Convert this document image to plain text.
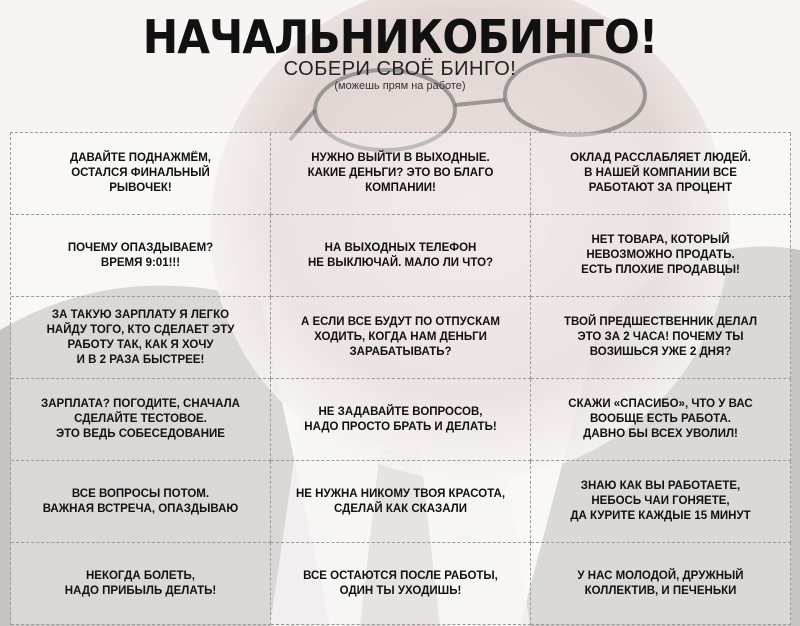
НАЧАЛЬНИКОБИНГО!
СОБЕРИ СВОЁ БИНГО!
(можешь прям на работе)
ДАВАЙТЕ ПОДНАЖМЁМ,
ОСТАЛСЯ ФИНАЛЬНЫЙ
РЫВОЧЕК!
НУЖНО ВЫЙТИ В ВЫХОДНЫЕ.
КАКИЕ ДЕНЬГИ? ЭТО ВО БЛАГО
КОМПАНИИ!
ОКЛАД РАССЛАБЛЯЕТ ЛЮДЕЙ.
В НАШЕЙ КОМПАНИИ ВСЕ
РАБОТАЮТ ЗА ПРОЦЕНТ
ПОЧЕМУ ОПАЗДЫВАЕМ?
ВРЕМЯ 9:01!!!
НА ВЫХОДНЫХ ТЕЛЕФОН
НЕ ВЫКЛЮЧАЙ. МАЛО ЛИ ЧТО?
НЕТ ТОВАРА, КОТОРЫЙ
НЕВОЗМОЖНО ПРОДАТЬ.
ЕСТЬ ПЛОХИЕ ПРОДАВЦЫ!
ЗА ТАКУЮ ЗАРПЛАТУ Я ЛЕГКО
НАЙДУ ТОГО, КТО СДЕЛАЕТ ЭТУ
РАБОТУ ТАК, КАК Я ХОЧУ
И В 2 РАЗА БЫСТРЕЕ!
А ЕСЛИ ВСЕ БУДУТ ПО ОТПУСКАМ
ХОДИТЬ, КОГДА НАМ ДЕНЬГИ
ЗАРАБАТЫВАТЬ?
ТВОЙ ПРЕДШЕСТВЕННИК ДЕЛАЛ
ЭТО ЗА 2 ЧАСА! ПОЧЕМУ ТЫ
ВОЗИШЬСЯ УЖЕ 2 ДНЯ?
ЗАРПЛАТА? ПОГОДИТЕ, СНАЧАЛА
СДЕЛАЙТЕ ТЕСТОВОЕ.
ЭТО ВЕДЬ СОБЕСЕДОВАНИЕ
НЕ ЗАДАВАЙТЕ ВОПРОСОВ,
НАДО ПРОСТО БРАТЬ И ДЕЛАТЬ!
СКАЖИ «СПАСИБО», ЧТО У ВАС
ВООБЩЕ ЕСТЬ РАБОТА.
ДАВНО БЫ ВСЕХ УВОЛИЛ!
ВСЕ ВОПРОСЫ ПОТОМ.
ВАЖНАЯ ВСТРЕЧА, ОПАЗДЫВАЮ
НЕ НУЖНА НИКОМУ ТВОЯ КРАСОТА,
СДЕЛАЙ КАК СКАЗАЛИ
ЗНАЮ КАК ВЫ РАБОТАЕТЕ,
НЕБОСЬ ЧАИ ГОНЯЕТЕ,
ДА КУРИТЕ КАЖДЫЕ 15 МИНУТ
НЕКОГДА БОЛЕТЬ,
НАДО ПРИБЫЛЬ ДЕЛАТЬ!
ВСЕ ОСТАЮТСЯ ПОСЛЕ РАБОТЫ,
ОДИН ТЫ УХОДИШЬ!
У НАС МОЛОДОЙ, ДРУЖНЫЙ
КОЛЛЕКТИВ, И ПЕЧЕНЬКИ
